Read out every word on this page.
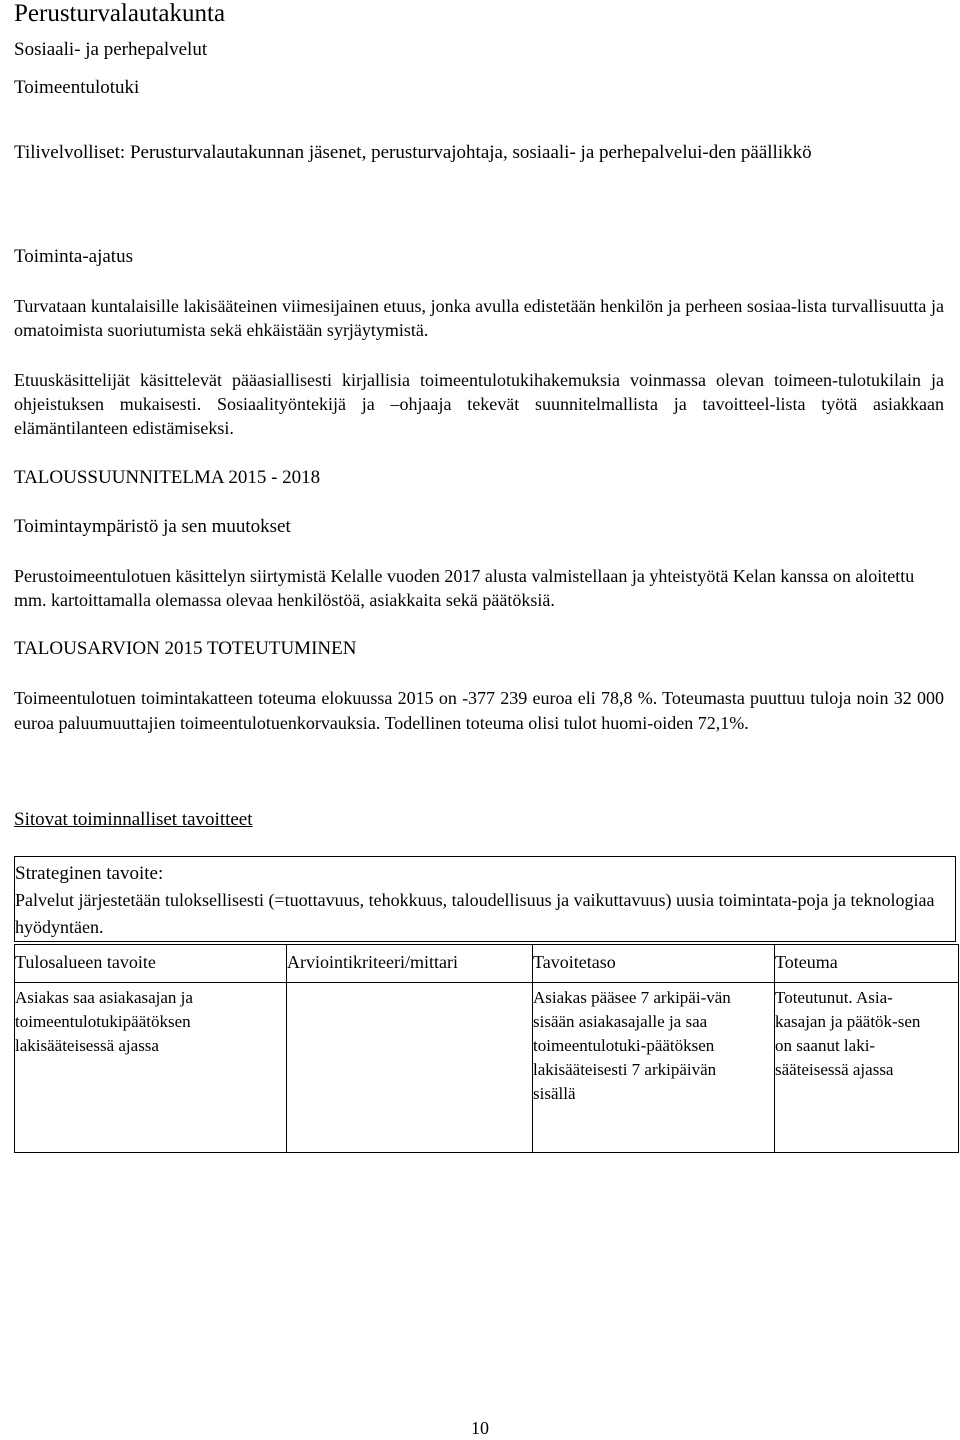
Perusturvalautakunta
Sosiaali- ja perhepalvelut
Toimeentulotuki

Tilivelvolliset: Perusturvalautakunnan jäsenet, perusturvajohtaja, sosiaali- ja perhepalvelui-den päällikkö

Toiminta-ajatus

Turvataan kuntalaisille lakisääteinen viimesijainen etuus, jonka avulla edistetään henkilön ja perheen sosiaa-lista turvallisuutta ja omatoimista suoriutumista sekä ehkäistään syrjäytymistä.

Etuuskäsittelijät käsittelevät pääasiallisesti kirjallisia toimeentulotukihakemuksia voinmassa olevan toimeen-tulotukilain ja ohjeistuksen mukaisesti. Sosiaalityöntekijä ja –ohjaaja tekevät suunnitelmallista ja tavoitteel-lista työtä asiakkaan elämäntilanteen edistämiseksi.

TALOUSSUUNNITELMA 2015 - 2018
Toimintaympäristö ja sen muutokset

Perustoimeentulotuen käsittelyn siirtymistä Kelalle vuoden 2017 alusta valmistellaan ja yhteistyötä Kelan kanssa on aloitettu mm. kartoittamalla olemassa olevaa henkilöstöä, asiakkaita sekä päätöksiä.

TALOUSARVION 2015 TOTEUTUMINEN

Toimeentulotuen toimintakatteen toteuma elokuussa 2015 on -377 239 euroa eli 78,8 %. Toteumasta puuttuu tuloja noin 32 000 euroa paluumuuttajien toimeentulotuenkorvauksia. Todellinen toteuma olisi tulot huomi-oiden 72,1%.

Sitovat toiminnalliset tavoitteet
Strateginen tavoite:
Palvelut järjestetään tuloksellisesti (=tuottavuus, tehokkuus, taloudellisuus ja vaikuttavuus) uusia toimintata-poja ja teknologiaa hyödyntäen.
Tulosalueen tavoite	Arviointikriteeri/mittari	Tavoitetaso	Toteuma

Asiakas saa asiakasajan ja toimeentulotukipäätöksen lakisääteisessä ajassa		Asiakas pääsee 7 arkipäi-vän sisään asiakasajalle ja saa toimeentulotuki-päätöksen lakisääteisesti 7 arkipäivän sisällä	Toteutunut. Asia-kasajan ja päätök-sen on saanut laki-sääteisessä ajassa
10
